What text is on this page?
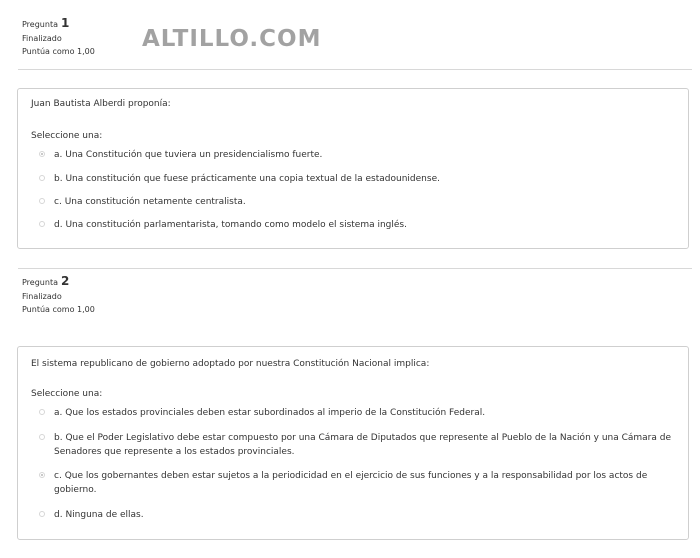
Pregunta 1
Finalizado
Puntúa como 1,00 ALTILLO.COM
Juan Bautista Alberdi proponía:
Seleccione una:
a. Una Constitución que tuviera un presidencialismo fuerte.
b. Una constitución que fuese prácticamente una copia textual de la estadounidense.
c. Una constitución netamente centralista.
d. Una constitución parlamentarista, tomando como modelo el sistema inglés.
Pregunta 2
Finalizado
Puntúa como 1,00
El sistema republicano de gobierno adoptado por nuestra Constitución Nacional implica:
Seleccione una:
a. Que los estados provinciales deben estar subordinados al imperio de la Constitución Federal.
b. Que el Poder Legislativo debe estar compuesto por una Cámara de Diputados que represente al Pueblo de la Nación y una Cámara de Senadores que represente a los estados provinciales.
c. Que los gobernantes deben estar sujetos a la periodicidad en el ejercicio de sus funciones y a la responsabilidad por los actos de gobierno.
d. Ninguna de ellas.
